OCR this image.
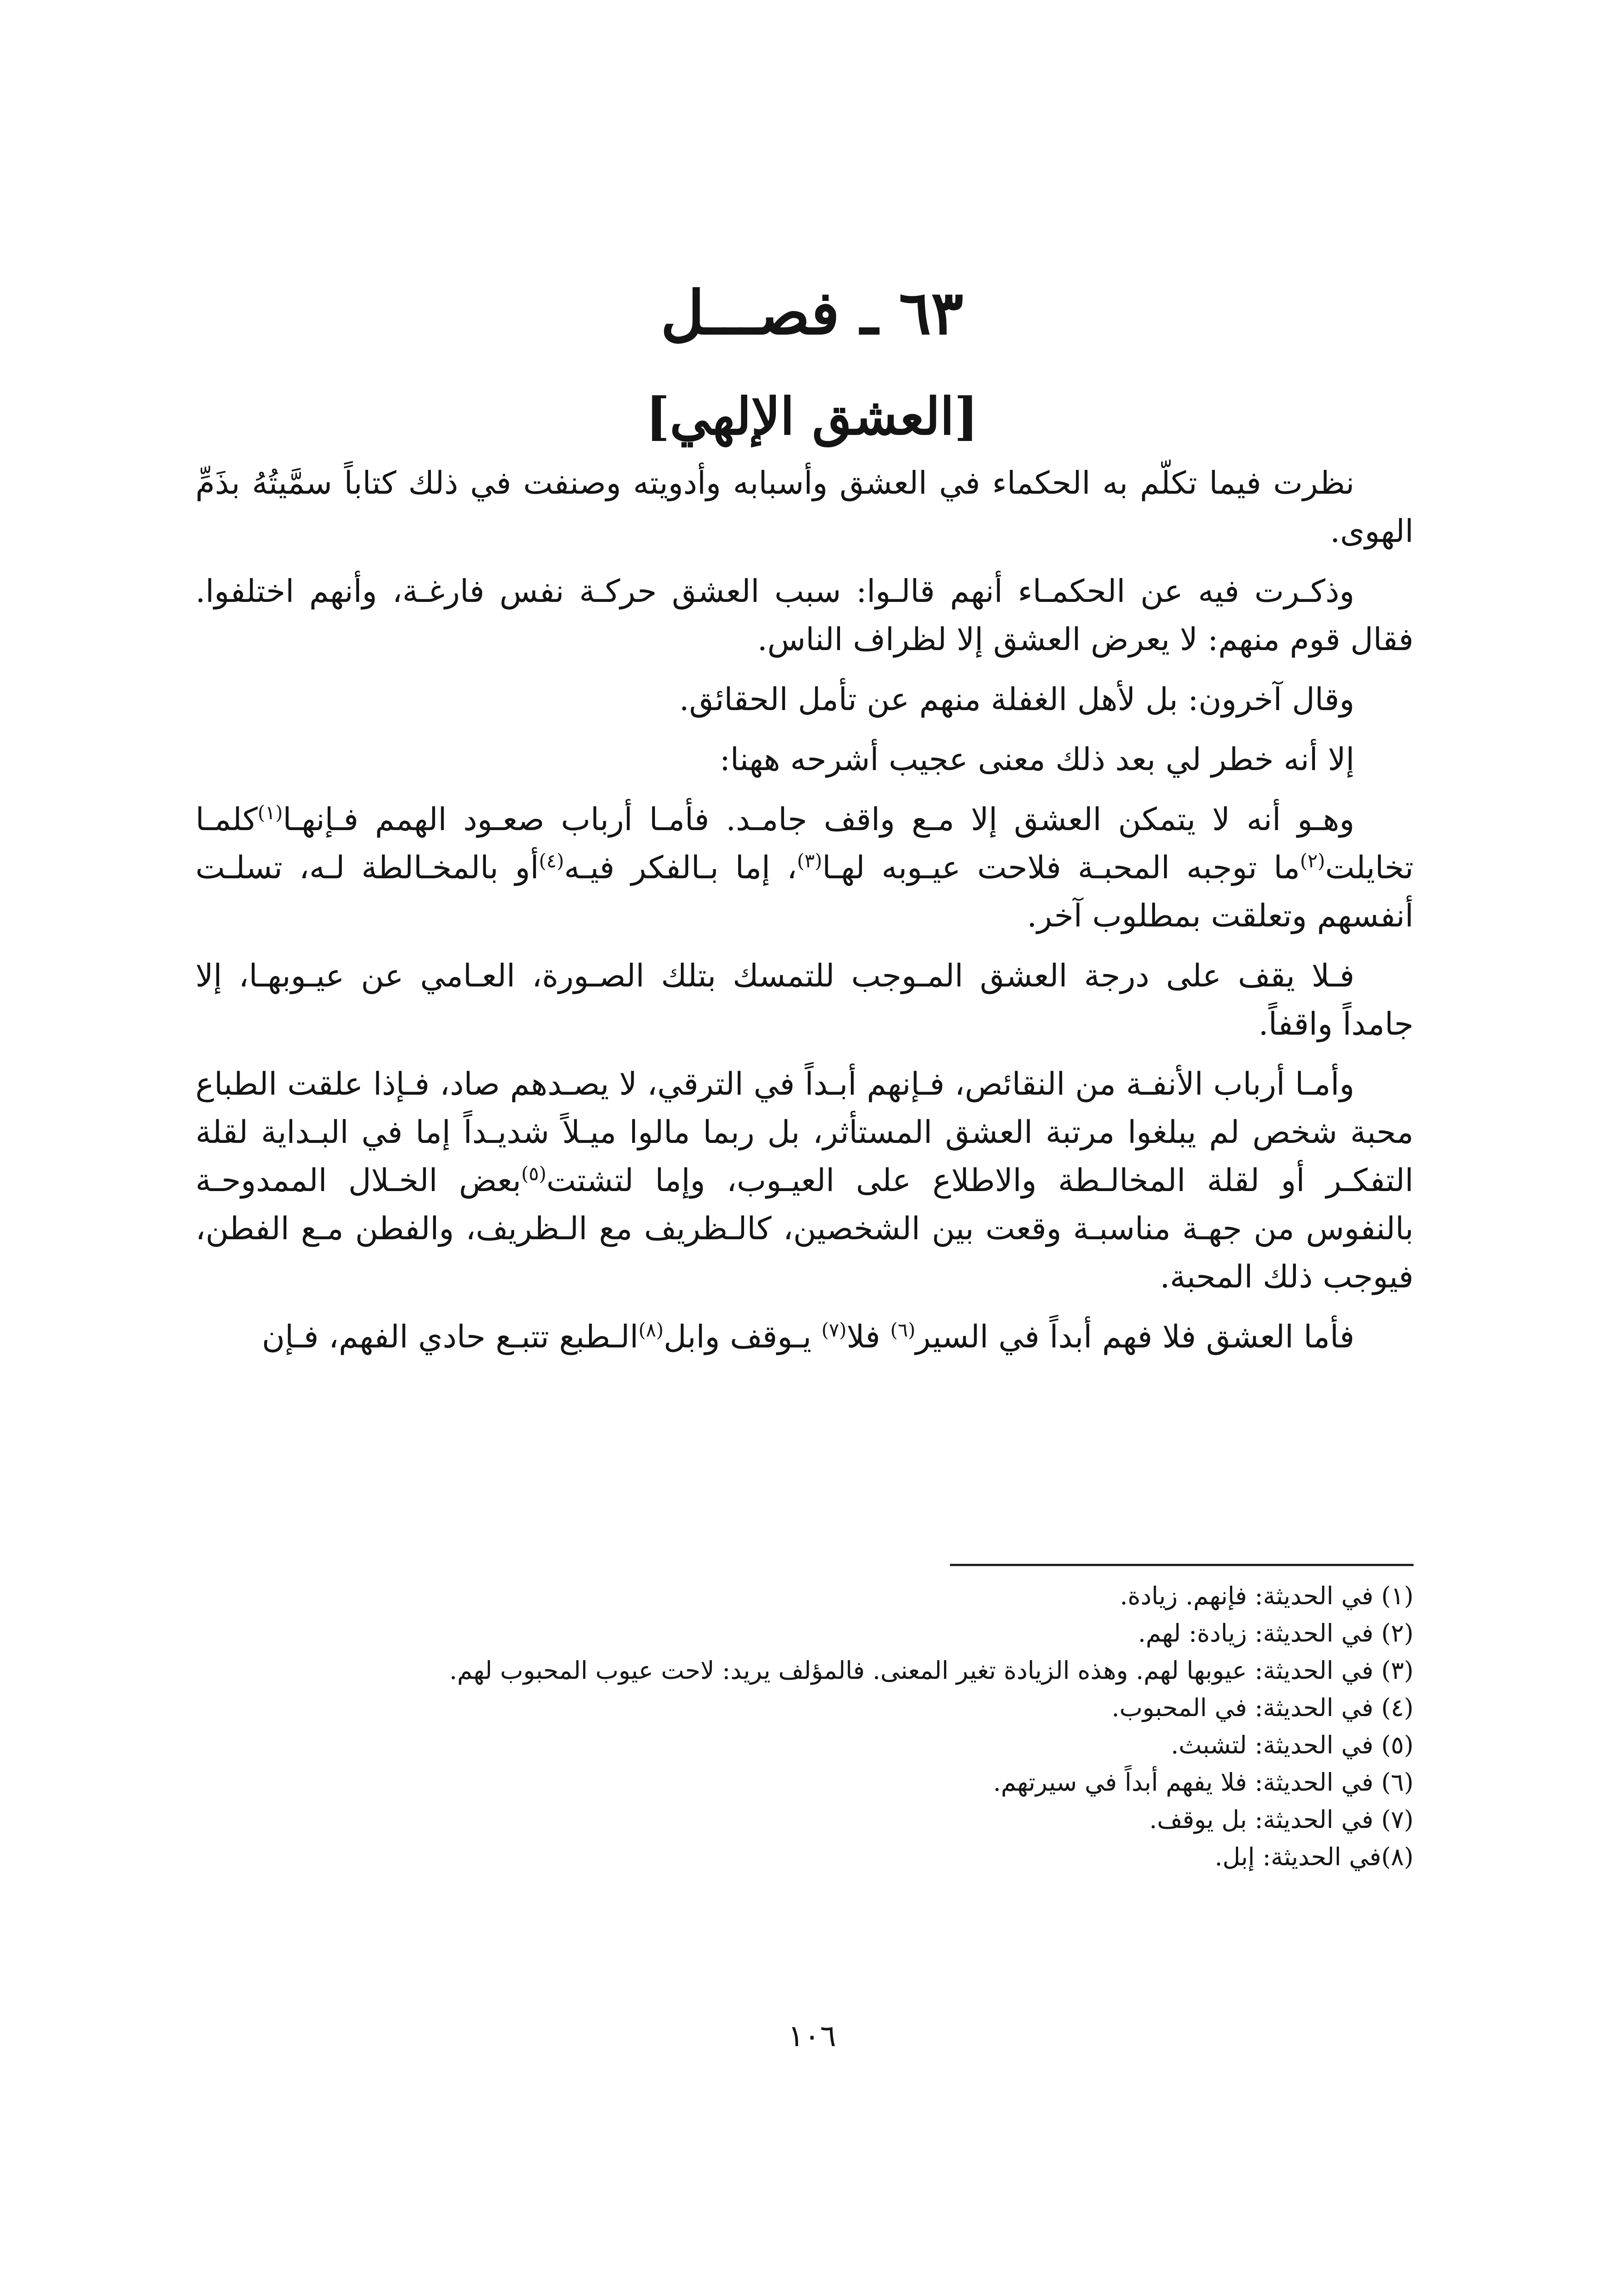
٦٣ ـ فصـــل
[العشق الإلهي]

نظرت فيما تكلّم به الحكماء في العشق وأسبابه وأدويته وصنفت في ذلك كتاباً سمَّيتُهُ بذَمِّ الهوى.

وذكـرت فيه عن الحكمـاء أنهم قالـوا: سبب العشق حركـة نفس فارغـة، وأنهم اختلفوا. فقال قوم منهم: لا يعرض العشق إلا لظراف الناس.

وقال آخرون: بل لأهل الغفلة منهم عن تأمل الحقائق.

إلا أنه خطر لي بعد ذلك معنى عجيب أشرحه ههنا:

وهـو أنه لا يتمكن العشق إلا مـع واقف جامـد. فأمـا أرباب صعـود الهمم فـإنهـا$^{(١)}$كلمـا تخايلت$^{(٢)}$ما توجبه المحبـة فلاحت عيـوبه لهـا$^{(٣)}$، إما بـالفكر فيـه$^{(٤)}$أو بالمخـالطة لـه، تسلـت أنفسهم وتعلقت بمطلوب آخر.

فـلا يقف على درجة العشق المـوجب للتمسك بتلك الصـورة، العـامي عن عيـوبهـا، إلا جامداً واقفاً.

وأمـا أرباب الأنفـة من النقائص، فـإنهم أبـداً في الترقي، لا يصـدهم صاد، فـإذا علقت الطباع محبة شخص لم يبلغوا مرتبة العشق المستأثر، بل ربما مالوا ميـلاً شديـداً إما في البـداية لقلة التفكـر أو لقلة المخالـطة والاطلاع على العيـوب، وإما لتشتت$^{(٥)}$بعض الخـلال الممدوحـة بالنفوس من جهـة مناسبـة وقعت بين الشخصين، كالـظريف مع الـظريف، والفطن مـع الفطن، فيوجب ذلك المحبة.

فأما العشق فلا فهم أبداً في السير$^{(٦)}$ فلا$^{(٧)}$ يـوقف وابل$^{(٨)}$الـطبع تتبـع حادي الفهم، فـإن

(١) في الحديثة: فإنهم. زيادة.
(٢) في الحديثة: زيادة: لهم.
(٣) في الحديثة: عيوبها لهم. وهذه الزيادة تغير المعنى. فالمؤلف يريد: لاحت عيوب المحبوب لهم.
(٤) في الحديثة: في المحبوب.
(٥) في الحديثة: لتشبث.
(٦) في الحديثة: فلا يفهم أبداً في سيرتهم.
(٧) في الحديثة: بل يوقف.
(٨)في الحديثة: إبل.
١٠٦
